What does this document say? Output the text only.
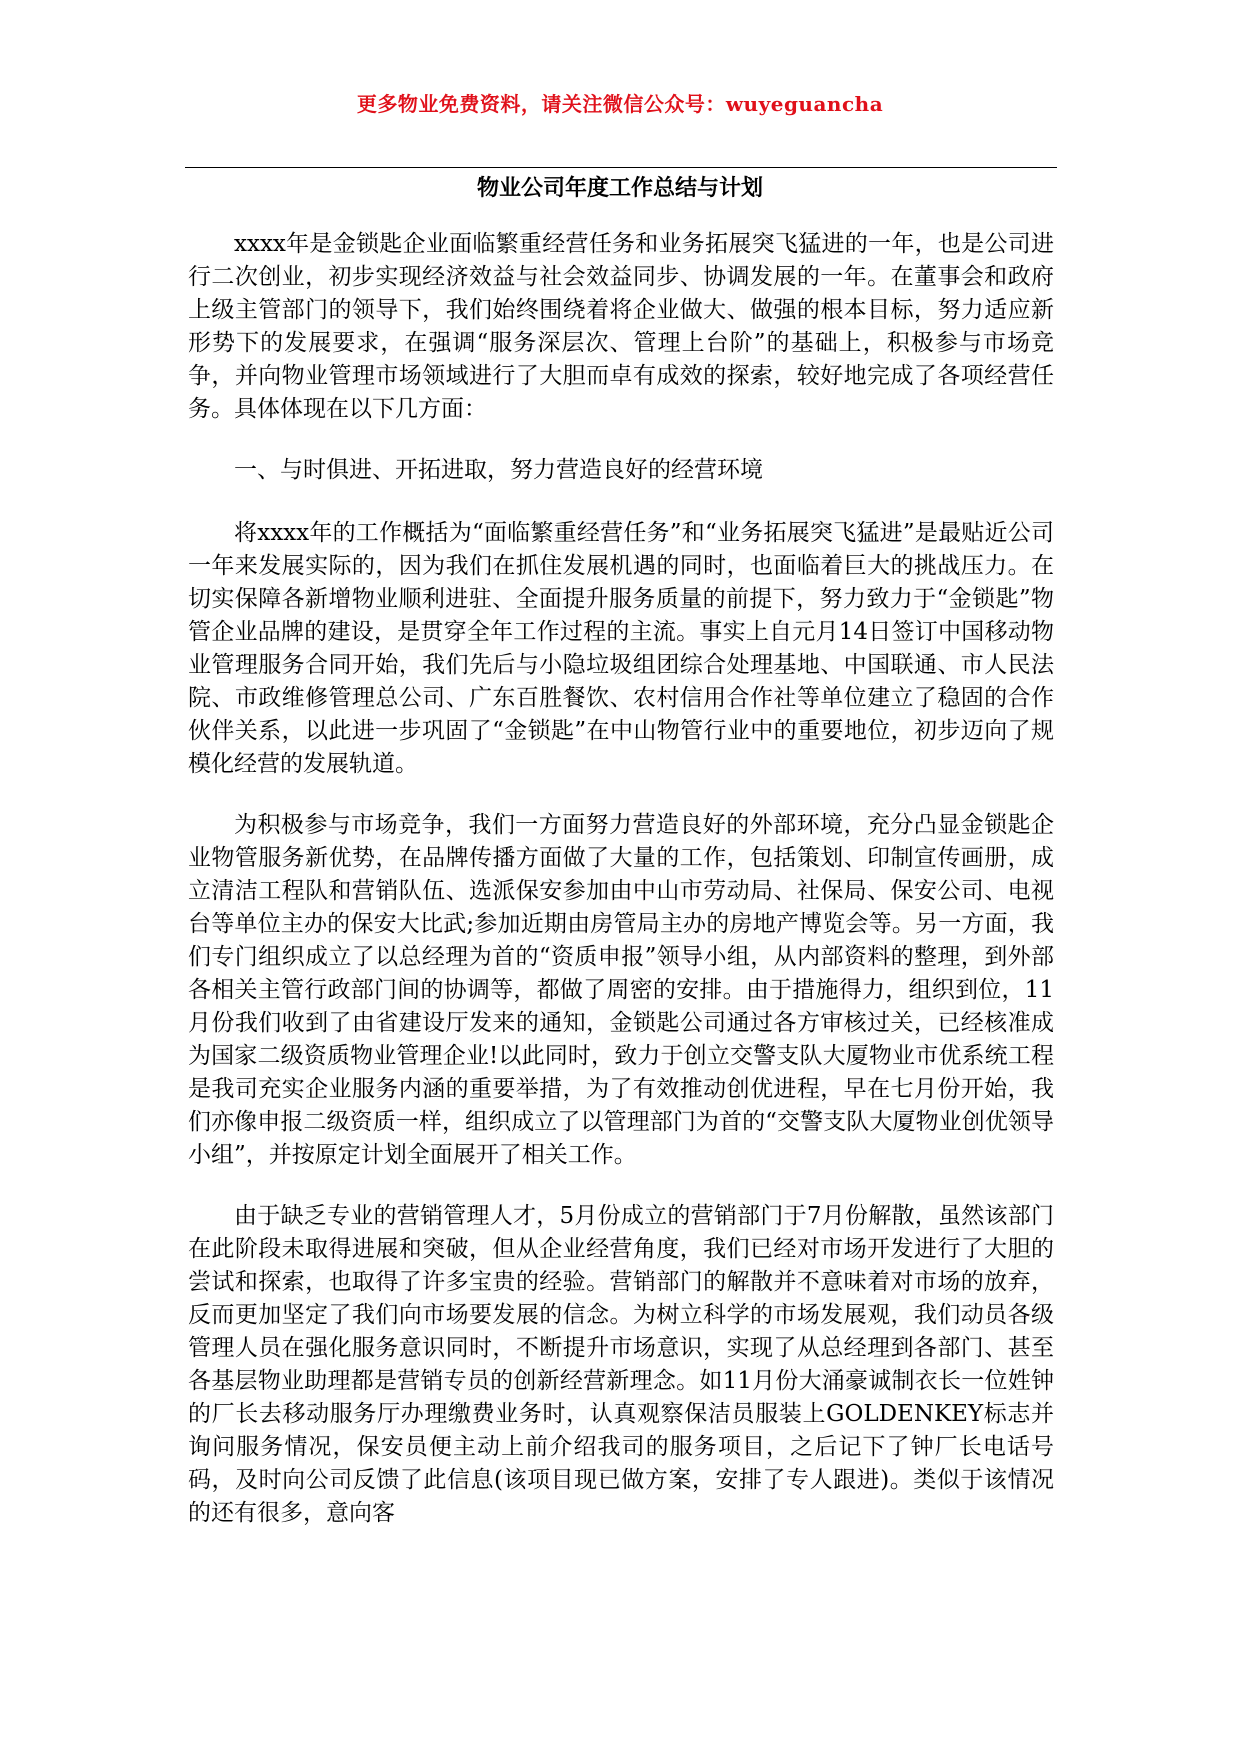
更多物业免费资料，请关注微信公众号：wuyeguancha
物业公司年度工作总结与计划

xxxx年是金锁匙企业面临繁重经营任务和业务拓展突飞猛进的一年，也是公司进行二次创业，初步实现经济效益与社会效益同步、协调发展的一年。在董事会和政府上级主管部门的领导下，我们始终围绕着将企业做大、做强的根本目标，努力适应新形势下的发展要求，在强调“服务深层次、管理上台阶”的基础上，积极参与市场竞争，并向物业管理市场领域进行了大胆而卓有成效的探索，较好地完成了各项经营任务。具体体现在以下几方面：

一、与时俱进、开拓进取，努力营造良好的经营环境

将xxxx年的工作概括为“面临繁重经营任务”和“业务拓展突飞猛进”是最贴近公司一年来发展实际的，因为我们在抓住发展机遇的同时，也面临着巨大的挑战压力。在切实保障各新增物业顺利进驻、全面提升服务质量的前提下，努力致力于“金锁匙”物管企业品牌的建设，是贯穿全年工作过程的主流。事实上自元月14日签订中国移动物业管理服务合同开始，我们先后与小隐垃圾组团综合处理基地、中国联通、市人民法院、市政维修管理总公司、广东百胜餐饮、农村信用合作社等单位建立了稳固的合作伙伴关系，以此进一步巩固了“金锁匙”在中山物管行业中的重要地位，初步迈向了规模化经营的发展轨道。

为积极参与市场竞争，我们一方面努力营造良好的外部环境，充分凸显金锁匙企业物管服务新优势，在品牌传播方面做了大量的工作，包括策划、印制宣传画册，成立清洁工程队和营销队伍、选派保安参加由中山市劳动局、社保局、保安公司、电视台等单位主办的保安大比武;参加近期由房管局主办的房地产博览会等。另一方面，我们专门组织成立了以总经理为首的“资质申报”领导小组，从内部资料的整理，到外部各相关主管行政部门间的协调等，都做了周密的安排。由于措施得力，组织到位，11月份我们收到了由省建设厅发来的通知，金锁匙公司通过各方审核过关，已经核准成为国家二级资质物业管理企业!以此同时，致力于创立交警支队大厦物业市优系统工程是我司充实企业服务内涵的重要举措，为了有效推动创优进程，早在七月份开始，我们亦像申报二级资质一样，组织成立了以管理部门为首的“交警支队大厦物业创优领导小组”，并按原定计划全面展开了相关工作。

由于缺乏专业的营销管理人才，5月份成立的营销部门于7月份解散，虽然该部门在此阶段未取得进展和突破，但从企业经营角度，我们已经对市场开发进行了大胆的尝试和探索，也取得了许多宝贵的经验。营销部门的解散并不意味着对市场的放弃，反而更加坚定了我们向市场要发展的信念。为树立科学的市场发展观，我们动员各级管理人员在强化服务意识同时，不断提升市场意识，实现了从总经理到各部门、甚至各基层物业助理都是营销专员的创新经营新理念。如11月份大涌豪诚制衣长一位姓钟的厂长去移动服务厅办理缴费业务时，认真观察保洁员服装上GOLDENKEY标志并询问服务情况，保安员便主动上前介绍我司的服务项目，之后记下了钟厂长电话号码，及时向公司反馈了此信息(该项目现已做方案，安排了专人跟进)。类似于该情况的还有很多，意向客
